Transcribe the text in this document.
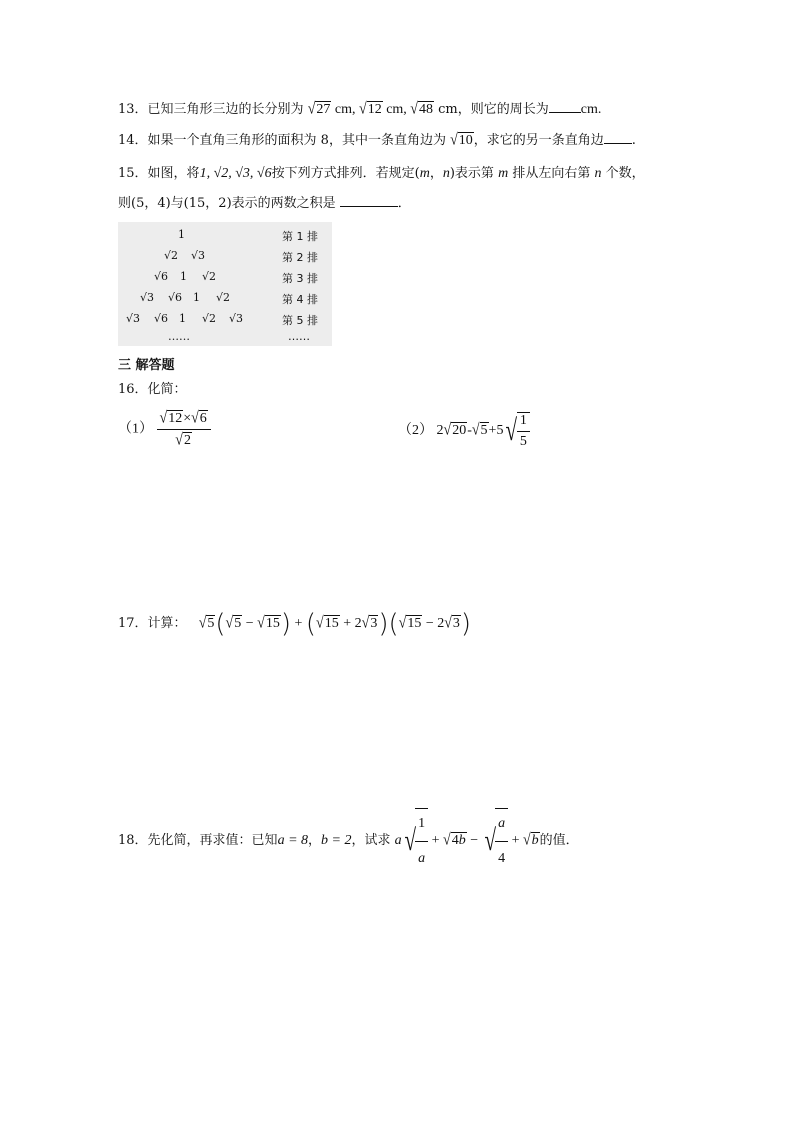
13．已知三角形三边的长分别为 √27 cm, √12 cm, √48 cm，则它的周长为 cm.
14．如果一个直角三角形的面积为 8，其中一条直角边为 √10，求它的另一条直角边 .
15．如图，将1, √2, √3, √6按下列方式排列．若规定(m，n)表示第 m 排从左向右第 n 个数，
则(5，4)与(15，2)表示的两数之积是	．
1
√2 √3
√6 1 √2
√3 √6 1 √2
√3 √6 1 √2 √3
……
第 1 排
第 2 排
第 3 排
第 4 排
第 5 排
……
三 解答题
16．化简：
$(1) \frac{√12\times√6}{√2}$	（2） $2√20-√5+5√ \frac{1}{5}$
17．计算： √5(√5 − √15) + (√15 + 2√3)(√15 − 2√3)
18．先化简，再求值：已知a = 8，b = 2，试求 $a√ \frac{1}{a} + √4b$ − √ $\frac{a}{4} + √b$的值．
